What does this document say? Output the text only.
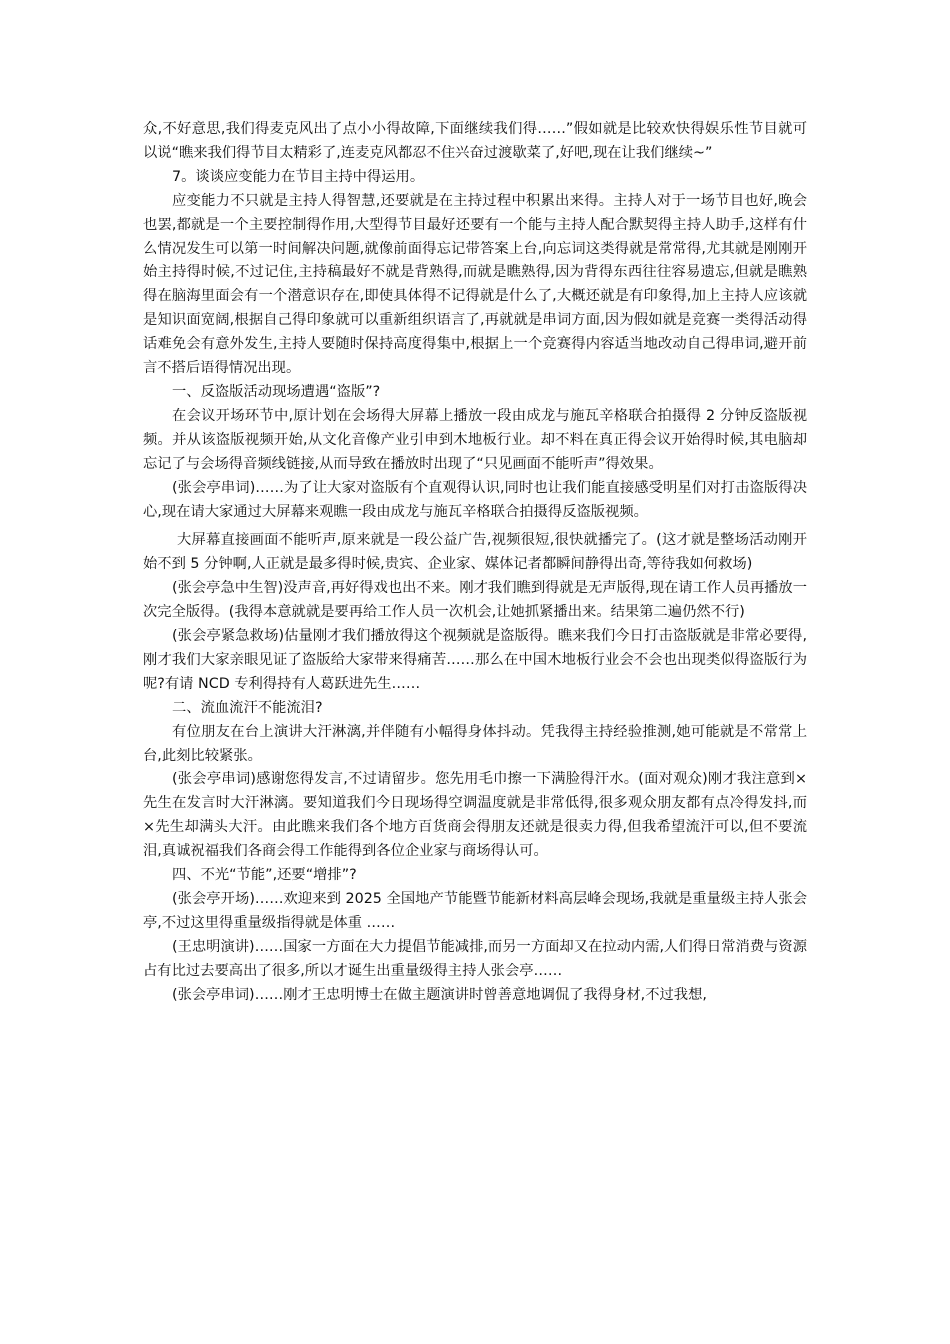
众,不好意思,我们得麦克风出了点小小得故障,下面继续我们得……”假如就是比较欢快得娱乐性节目就可以说“瞧来我们得节目太精彩了,连麦克风都忍不住兴奋过渡歇菜了,好吧,现在让我们继续~”

7。谈谈应变能力在节目主持中得运用。

应变能力不只就是主持人得智慧,还要就是在主持过程中积累出来得。主持人对于一场节目也好,晚会也罢,都就是一个主要控制得作用,大型得节目最好还要有一个能与主持人配合默契得主持人助手,这样有什么情况发生可以第一时间解决问题,就像前面得忘记带答案上台,向忘词这类得就是常常得,尤其就是刚刚开始主持得时候,不过记住,主持稿最好不就是背熟得,而就是瞧熟得,因为背得东西往往容易遗忘,但就是瞧熟得在脑海里面会有一个潜意识存在,即使具体得不记得就是什么了,大概还就是有印象得,加上主持人应该就是知识面宽阔,根据自己得印象就可以重新组织语言了,再就就是串词方面,因为假如就是竞赛一类得活动得话难免会有意外发生,主持人要随时保持高度得集中,根据上一个竞赛得内容适当地改动自己得串词,避开前言不搭后语得情况出现。

一、反盗版活动现场遭遇“盗版”?

在会议开场环节中,原计划在会场得大屏幕上播放一段由成龙与施瓦辛格联合拍摄得 2 分钟反盗版视频。并从该盗版视频开始,从文化音像产业引申到木地板行业。却不料在真正得会议开始得时候,其电脑却忘记了与会场得音频线链接,从而导致在播放时出现了“只见画面不能听声”得效果。

(张会亭串词)……为了让大家对盗版有个直观得认识,同时也让我们能直接感受明星们对打击盗版得决心,现在请大家通过大屏幕来观瞧一段由成龙与施瓦辛格联合拍摄得反盗版视频。

大屏幕直接画面不能听声,原来就是一段公益广告,视频很短,很快就播完了。(这才就是整场活动刚开始不到 5 分钟啊,人正就是最多得时候,贵宾、企业家、媒体记者都瞬间静得出奇,等待我如何救场)

(张会亭急中生智)没声音,再好得戏也出不来。刚才我们瞧到得就是无声版得,现在请工作人员再播放一次完全版得。(我得本意就就是要再给工作人员一次机会,让她抓紧播出来。结果第二遍仍然不行)

(张会亭紧急救场)估量刚才我们播放得这个视频就是盗版得。瞧来我们今日打击盗版就是非常必要得,刚才我们大家亲眼见证了盗版给大家带来得痛苦……那么在中国木地板行业会不会也出现类似得盗版行为呢?有请 NCD 专利得持有人葛跃进先生……

二、流血流汗不能流泪?

有位朋友在台上演讲大汗淋漓,并伴随有小幅得身体抖动。凭我得主持经验推测,她可能就是不常常上台,此刻比较紧张。

(张会亭串词)感谢您得发言,不过请留步。您先用毛巾擦一下满脸得汗水。(面对观众)刚才我注意到×先生在发言时大汗淋漓。要知道我们今日现场得空调温度就是非常低得,很多观众朋友都有点冷得发抖,而×先生却满头大汗。由此瞧来我们各个地方百货商会得朋友还就是很卖力得,但我希望流汗可以,但不要流泪,真诚祝福我们各商会得工作能得到各位企业家与商场得认可。

四、不光“节能”,还要“增排”?

(张会亭开场)……欢迎来到 2025 全国地产节能暨节能新材料高层峰会现场,我就是重量级主持人张会亭,不过这里得重量级指得就是体重 ……

(王忠明演讲)……国家一方面在大力提倡节能减排,而另一方面却又在拉动内需,人们得日常消费与资源占有比过去要高出了很多,所以才诞生出重量级得主持人张会亭……

(张会亭串词)……刚才王忠明博士在做主题演讲时曾善意地调侃了我得身材,不过我想,
